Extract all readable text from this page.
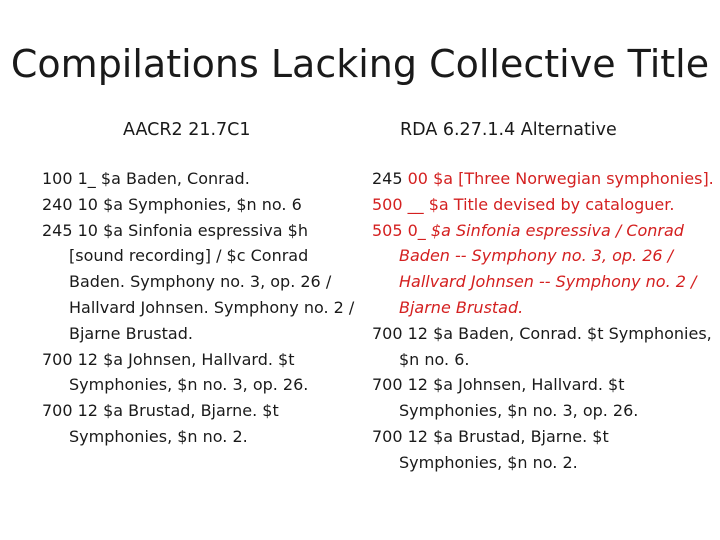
Compilations Lacking Collective Title
AACR2 21.7C1	RDA 6.27.1.4 Alternative
100 1_ $a Baden, Conrad.
240 10 $a Symphonies, $n no. 6
245 10 $a Sinfonia espressiva $h [sound recording] / $c Conrad Baden. Symphony no. 3, op. 26 / Hallvard Johnsen. Symphony no. 2 / Bjarne Brustad.
700 12 $a Johnsen, Hallvard. $t Symphonies, $n no. 3, op. 26.
700 12 $a Brustad, Bjarne. $t Symphonies, $n no. 2.
245 00 $a [Three Norwegian symphonies].
500 __ $a Title devised by cataloguer.
505 0_ $a Sinfonia espressiva / Conrad Baden -- Symphony no. 3, op. 26 / Hallvard Johnsen -- Symphony no. 2 / Bjarne Brustad.
700 12 $a Baden, Conrad. $t Symphonies, $n no. 6.
700 12 $a Johnsen, Hallvard. $t Symphonies, $n no. 3, op. 26.
700 12 $a Brustad, Bjarne. $t Symphonies, $n no. 2.
